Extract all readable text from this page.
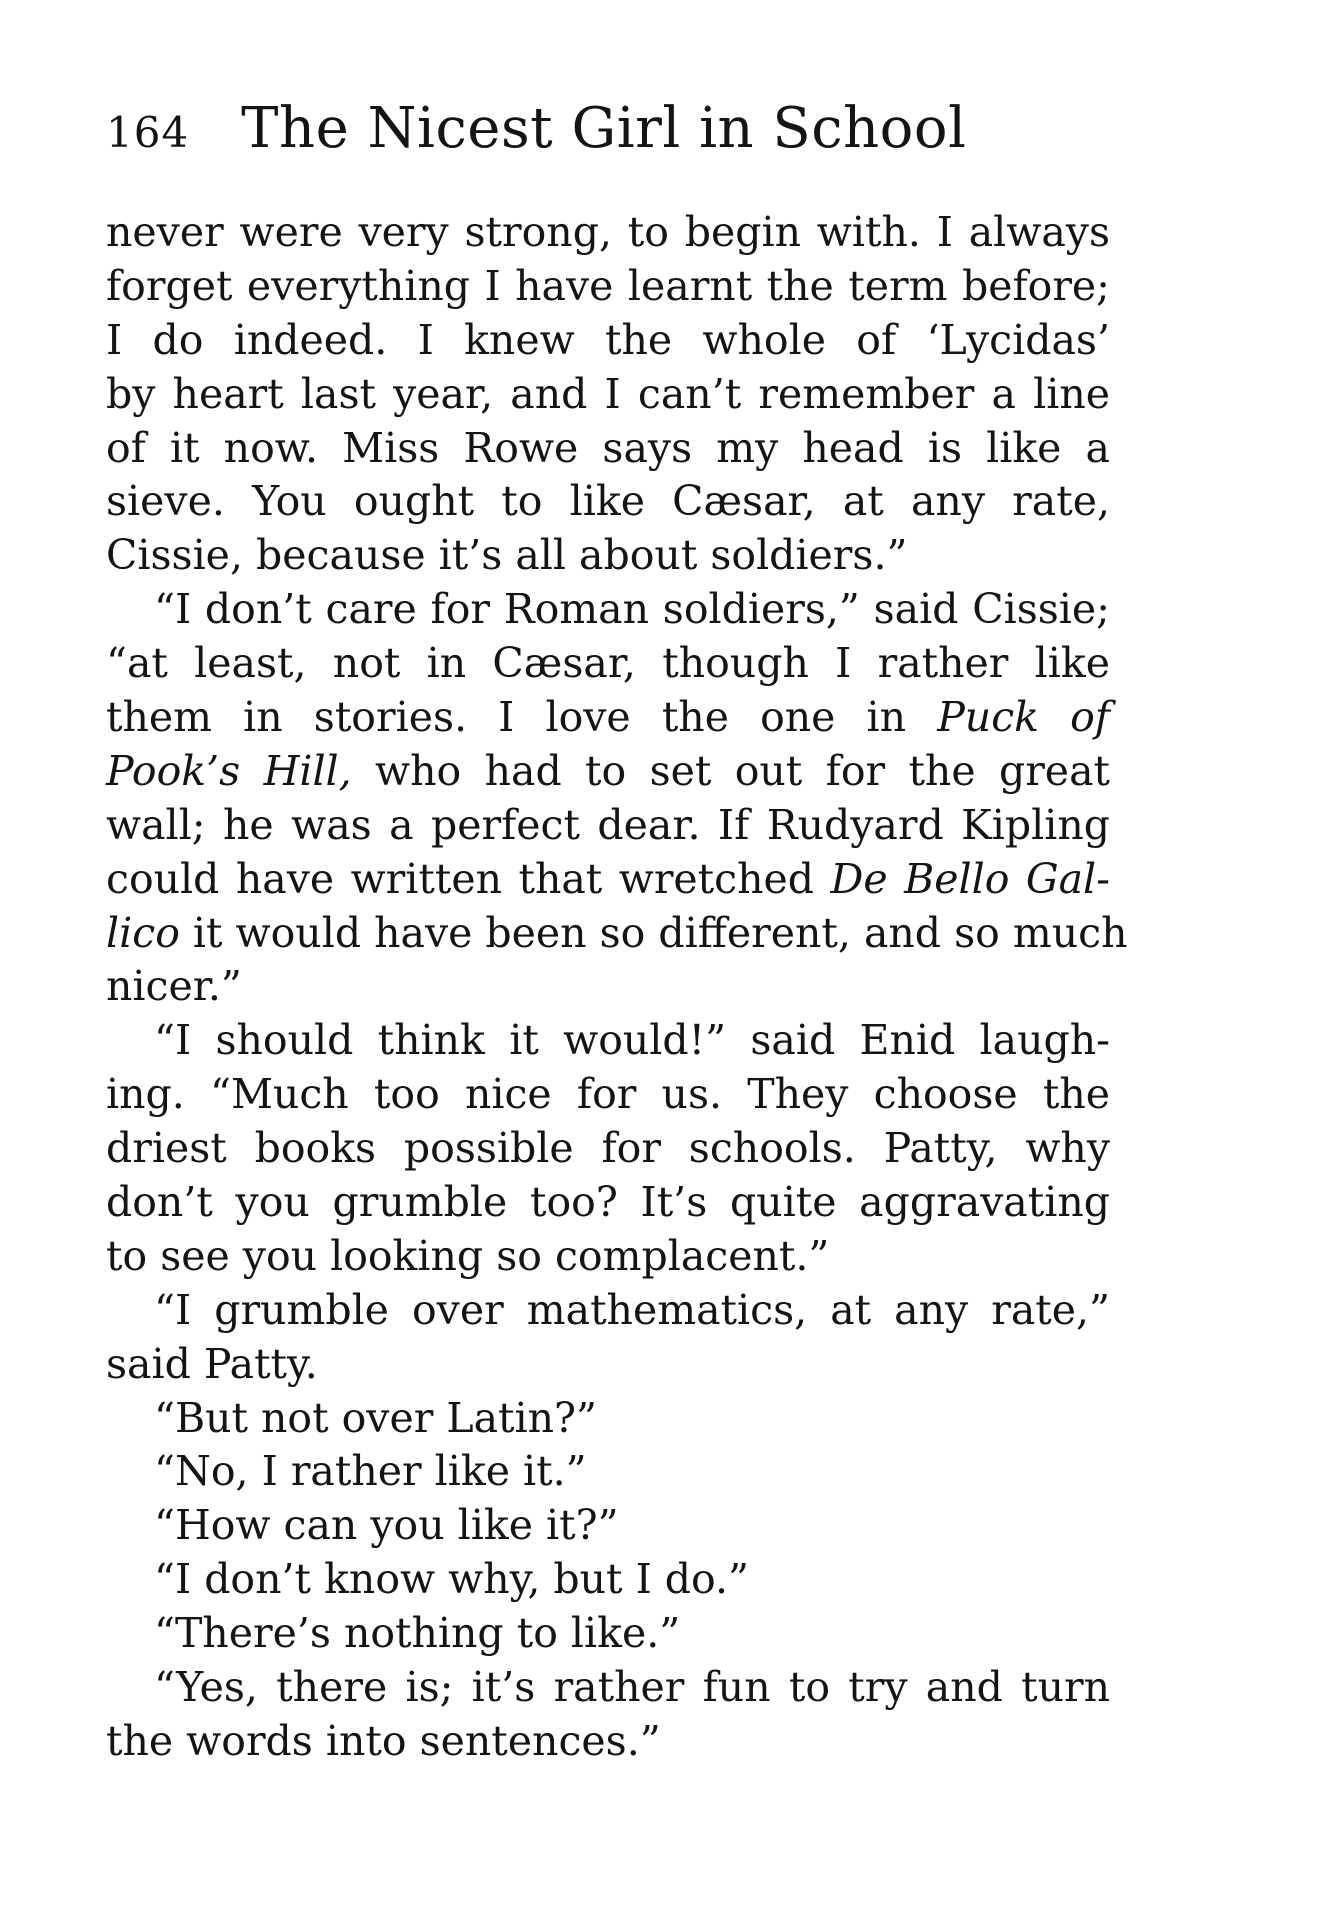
164 The Nicest Girl in School
never were very strong, to begin with. I always
forget everything I have learnt the term before;
I do indeed. I knew the whole of ‘Lycidas’
by heart last year, and I can’t remember a line
of it now. Miss Rowe says my head is like a
sieve. You ought to like Cæsar, at any rate,
Cissie, because it’s all about soldiers.”
“I don’t care for Roman soldiers,” said Cissie;
“at least, not in Cæsar, though I rather like
them in stories. I love the one in Puck of
Pook’s Hill, who had to set out for the great
wall; he was a perfect dear. If Rudyard Kipling
could have written that wretched De Bello Gal-
lico it would have been so different, and so much
nicer.”
“I should think it would!” said Enid laugh-
ing. “Much too nice for us. They choose the
driest books possible for schools. Patty, why
don’t you grumble too? It’s quite aggravating
to see you looking so complacent.”
“I grumble over mathematics, at any rate,”
said Patty.
“But not over Latin?”
“No, I rather like it.”
“How can you like it?”
“I don’t know why, but I do.”
“There’s nothing to like.”
“Yes, there is; it’s rather fun to try and turn
the words into sentences.”
